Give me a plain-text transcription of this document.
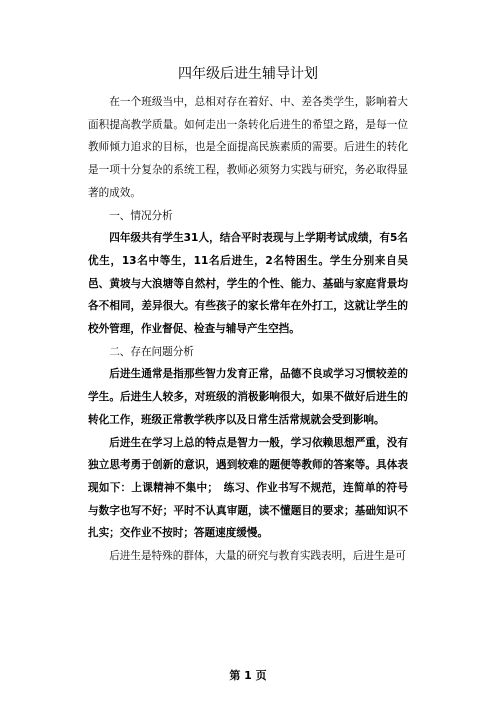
四年级后进生辅导计划

在一个班级当中，总相对存在着好、中、差各类学生，影响着大面积提高教学质量。如何走出一条转化后进生的希望之路，是每一位教师倾力追求的目标，也是全面提高民族素质的需要。后进生的转化是一项十分复杂的系统工程，教师必须努力实践与研究，务必取得显著的成效。

一、情况分析

四年级共有学生31人，结合平时表现与上学期考试成绩，有5名优生，13名中等生，11名后进生，2名特困生。学生分别来自吴邑、黄坡与大浪塘等自然村，学生的个性、能力、基础与家庭背景均各不相同，差异很大。有些孩子的家长常年在外打工，这就让学生的校外管理，作业督促、检查与辅导产生空挡。

二、存在问题分析

后进生通常是指那些智力发育正常，品德不良或学习习惯较差的学生。后进生人较多，对班级的消极影响很大，如果不做好后进生的转化工作，班级正常教学秩序以及日常生活常规就会受到影响。

后进生在学习上总的特点是智力一般，学习依赖思想严重，没有独立思考勇于创新的意识，遇到较难的题便等教师的答案等。具体表现如下：上课精神不集中；　练习、作业书写不规范，连简单的符号与数字也写不好；平时不认真审题，读不懂题目的要求；基础知识不扎实；交作业不按时；答题速度缓慢。

后进生是特殊的群体，大量的研究与教育实践表明，后进生是可

第 1 页
